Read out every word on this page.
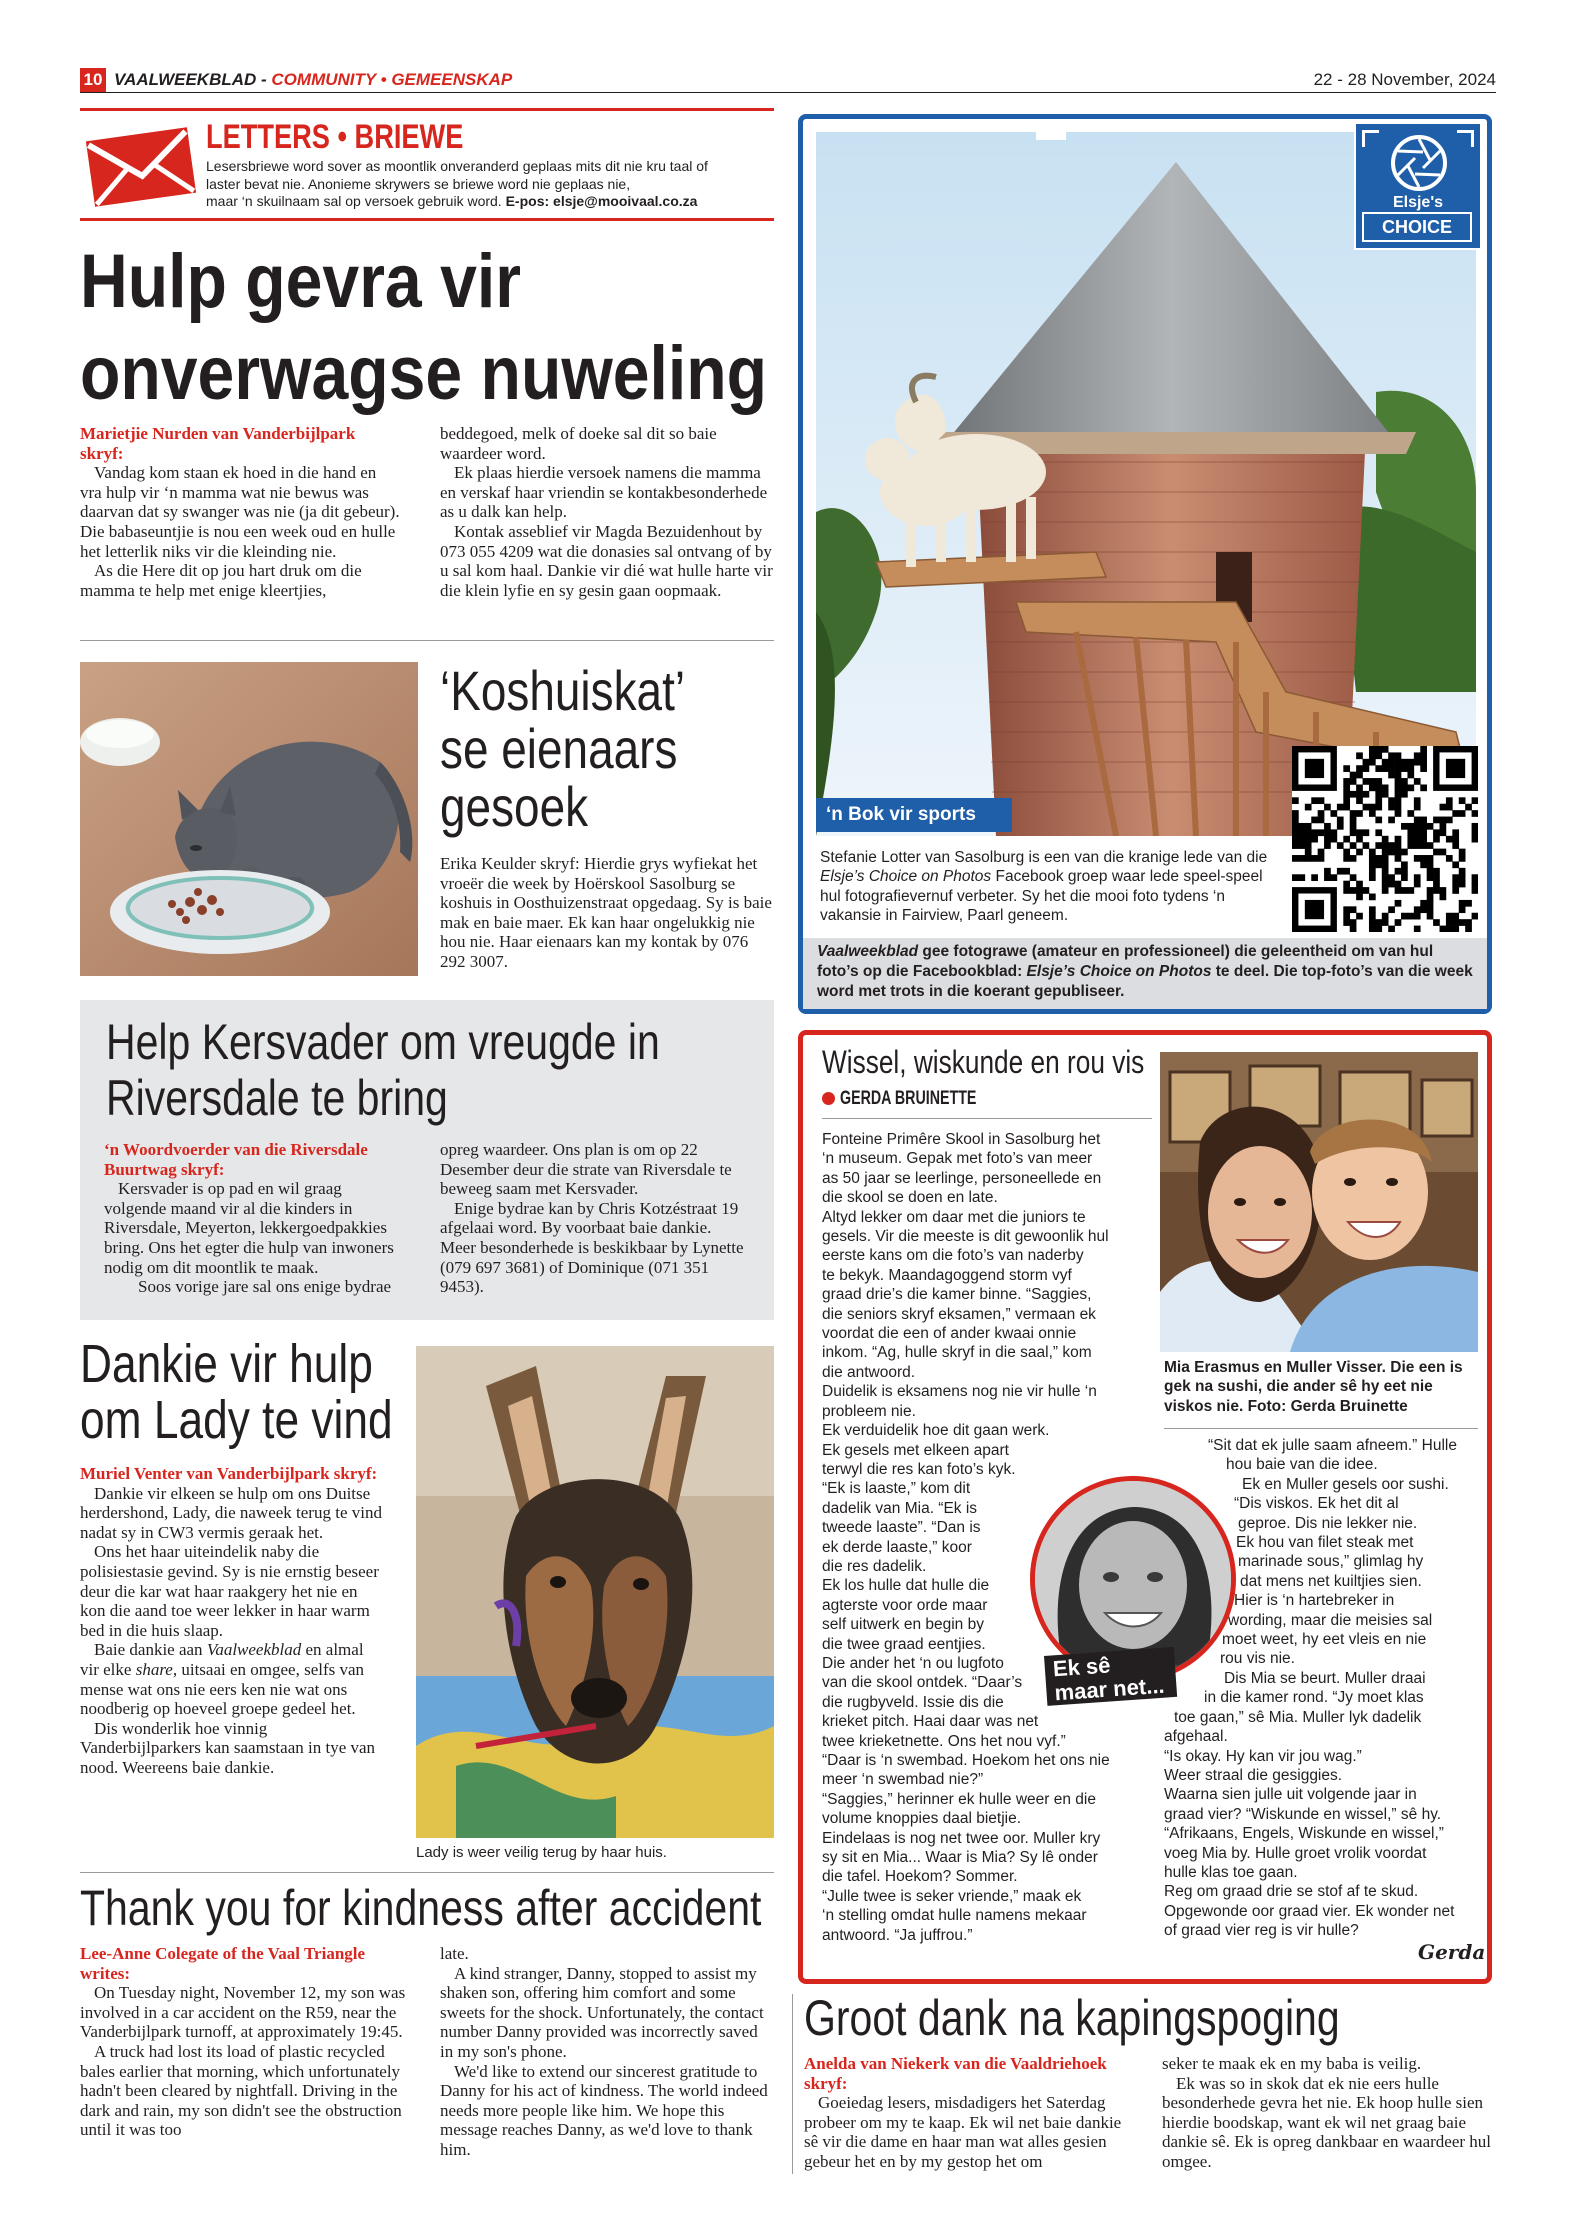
10 VAALWEEKBLAD - COMMUNITY • GEMEENSKAP	22 - 28 November, 2024
LETTERS • BRIEWE
Lesersbriewe word sover as moontlik onveranderd geplaas mits dit nie kru taal of
laster bevat nie. Anonieme skrywers se briewe word nie geplaas nie,
maar ‘n skuilnaam sal op versoek gebruik word. E-pos: elsje@mooivaal.co.za
Hulp gevra vir
onverwagse nuweling
Marietjie Nurden van Vanderbijlpark skryf:

Vandag kom staan ek hoed in die hand en vra hulp vir ‘n mamma wat nie bewus was daarvan dat sy swanger was nie (ja dit gebeur). Die babaseuntjie is nou een week oud en hulle het letterlik niks vir die kleinding nie.

As die Here dit op jou hart druk om die mamma te help met enige kleertjies,

beddegoed, melk of doeke sal dit so baie waardeer word.

Ek plaas hierdie versoek namens die mamma en verskaf haar vriendin se kontakbesonderhede as u dalk kan help.

Kontak asseblief vir Magda Bezuidenhout by 073 055 4209 wat die donasies sal ontvang of by u sal kom haal. Dankie vir dié wat hulle harte vir die klein lyfie en sy gesin gaan oopmaak.

‘Koshuiskat’
se eienaars
gesoek
Erika Keulder skryf: Hierdie grys wyfiekat het vroeër die week by Hoërskool Sasolburg se koshuis in Oosthuizenstraat opgedaag. Sy is baie mak en baie maer. Ek kan haar ongelukkig nie hou nie. Haar eienaars kan my kontak by 076 292 3007.
Help Kersvader om vreugde in
Riversdale te bring
‘n Woordvoerder van die Riversdale Buurtwag skryf:

Kersvader is op pad en wil graag volgende maand vir al die kinders in Riversdale, Meyerton, lekkergoedpakkies bring. Ons het egter die hulp van inwoners nodig om dit moontlik te maak.

Soos vorige jare sal ons enige bydrae

opreg waardeer. Ons plan is om op 22 Desember deur die strate van Riversdale te beweeg saam met Kersvader.

Enige bydrae kan by Chris Kotzéstraat 19 afgelaai word. By voorbaat baie dankie. Meer besonderhede is beskikbaar by Lynette (079 697 3681) of Dominique (071 351 9453).

Dankie vir hulp
om Lady te vind
Muriel Venter van Vanderbijlpark skryf:

Dankie vir elkeen se hulp om ons Duitse herdershond, Lady, die naweek terug te vind nadat sy in CW3 vermis geraak het.

Ons het haar uiteindelik naby die polisiestasie gevind. Sy is nie ernstig beseer deur die kar wat haar raakgery het nie en kon die aand toe weer lekker in haar warm bed in die huis slaap.

Baie dankie aan Vaalweekblad en almal vir elke share, uitsaai en omgee, selfs van mense wat ons nie eers ken nie wat ons noodberig op hoeveel groepe gedeel het.

Dis wonderlik hoe vinnig Vanderbijlparkers kan saamstaan in tye van nood. Weereens baie dankie.

Lady is weer veilig terug by haar huis.
Thank you for kindness after accident
Lee-Anne Colegate of the Vaal Triangle writes:

On Tuesday night, November 12, my son was involved in a car accident on the R59, near the Vanderbijlpark turnoff, at approximately 19:45.

A truck had lost its load of plastic recycled bales earlier that morning, which unfortunately hadn't been cleared by nightfall. Driving in the dark and rain, my son didn't see the obstruction until it was too

late.

A kind stranger, Danny, stopped to assist my shaken son, offering him comfort and some sweets for the shock. Unfortunately, the contact number Danny provided was incorrectly saved in my son's phone.

We'd like to extend our sincerest gratitude to Danny for his act of kindness. The world indeed needs more people like him. We hope this message reaches Danny, as we'd love to thank him.

Elsje's
CHOICE
‘n Bok vir sports
Stefanie Lotter van Sasolburg is een van die kranige lede van die Elsje’s Choice on Photos Facebook groep waar lede speel-speel hul fotografievernuf verbeter. Sy het die mooi foto tydens ‘n vakansie in Fairview, Paarl geneem.
Vaalweekblad gee fotograwe (amateur en professioneel) die geleentheid om van hul foto’s op die Facebookblad: Elsje’s Choice on Photos te deel. Die top-foto’s van die week word met trots in die koerant gepubliseer.
Wissel, wiskunde en rou vis
GERDA BRUINETTE
Mia Erasmus en Muller Visser. Die een is gek na sushi, die ander sê hy eet nie viskos nie. Foto: Gerda Bruinette
Fonteine Primêre Skool in Sasolburg het
‘n museum. Gepak met foto’s van meer
as 50 jaar se leerlinge, personeellede en
die skool se doen en late.
Altyd lekker om daar met die juniors te
gesels. Vir die meeste is dit gewoonlik hul
eerste kans om die foto’s van naderby
te bekyk. Maandagoggend storm vyf
graad drie’s die kamer binne. “Saggies,
die seniors skryf eksamen,” vermaan ek
voordat die een of ander kwaai onnie
inkom. “Ag, hulle skryf in die saal,” kom
die antwoord.
Duidelik is eksamens nog nie vir hulle ‘n
probleem nie.
Ek verduidelik hoe dit gaan werk.
Ek gesels met elkeen apart
terwyl die res kan foto’s kyk.
“Ek is laaste,” kom dit
dadelik van Mia. “Ek is
tweede laaste”. “Dan is
ek derde laaste,” koor
die res dadelik.
Ek los hulle dat hulle die
agterste voor orde maar
self uitwerk en begin by
die twee graad eentjies.
Die ander het ‘n ou lugfoto
van die skool ontdek. “Daar’s
die rugbyveld. Issie dis die
krieket pitch. Haai daar was net
twee krieketnette. Ons het nou vyf.”
“Daar is ‘n swembad. Hoekom het ons nie
meer ‘n swembad nie?”
“Saggies,” herinner ek hulle weer en die
volume knoppies daal bietjie.
Eindelaas is nog net twee oor. Muller kry
sy sit en Mia... Waar is Mia? Sy lê onder
die tafel. Hoekom? Sommer.
“Julle twee is seker vriende,” maak ek
‘n stelling omdat hulle namens mekaar
antwoord. “Ja juffrou.”
“Sit dat ek julle saam afneem.” Hulle
hou baie van die idee.
Ek en Muller gesels oor sushi.
“Dis viskos. Ek het dit al
geproe. Dis nie lekker nie.
Ek hou van filet steak met
marinade sous,” glimlag hy
dat mens net kuiltjies sien.
Hier is ‘n hartebreker in
wording, maar die meisies sal
moet weet, hy eet vleis en nie
rou vis nie.
Dis Mia se beurt. Muller draai
in die kamer rond. “Jy moet klas
toe gaan,” sê Mia. Muller lyk dadelik
afgehaal.
“Is okay. Hy kan vir jou wag.”
Weer straal die gesiggies.
Waarna sien julle uit volgende jaar in
graad vier? “Wiskunde en wissel,” sê hy.
“Afrikaans, Engels, Wiskunde en wissel,”
voeg Mia by. Hulle groet vrolik voordat
hulle klas toe gaan.
Reg om graad drie se stof af te skud.
Opgewonde oor graad vier. Ek wonder net
of graad vier reg is vir hulle?
Ek sê
maar net...
Gerda
Groot dank na kapingspoging
Anelda van Niekerk van die Vaaldriehoek skryf:

Goeiedag lesers, misdadigers het Saterdag probeer om my te kaap. Ek wil net baie dankie sê vir die dame en haar man wat alles gesien gebeur het en by my gestop het om

seker te maak ek en my baba is veilig.

Ek was so in skok dat ek nie eers hulle besonderhede gevra het nie. Ek hoop hulle sien hierdie boodskap, want ek wil net graag baie dankie sê. Ek is opreg dankbaar en waardeer hul omgee.
